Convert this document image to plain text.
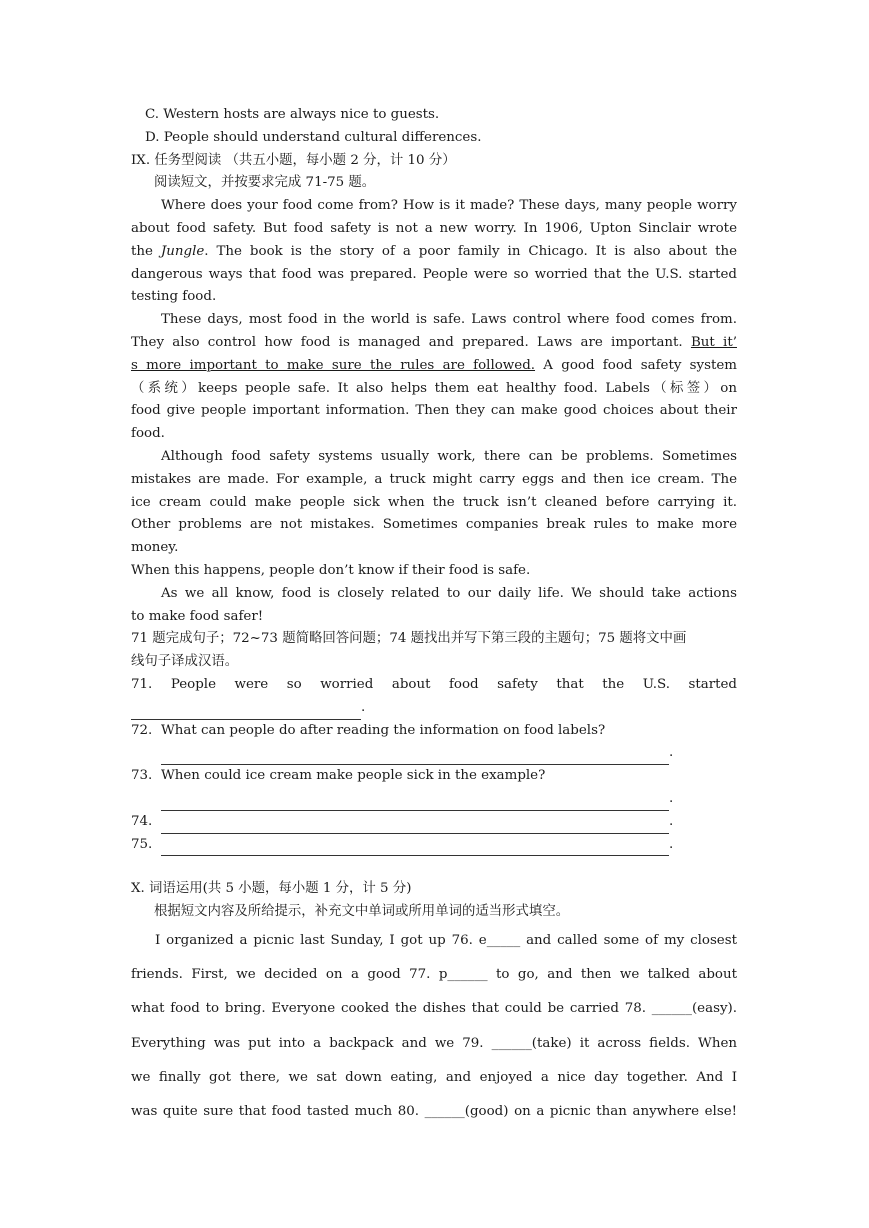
C. Western hosts are always nice to guests.
D. People should understand cultural differences.
IX. 任务型阅读 （共五小题，每小题 2 分，计 10 分）
阅读短文，并按要求完成 71-75 题。
Where does your food come from? How is it made? These days, many people worry
about food safety. But food safety is not a new worry. In 1906, Upton Sinclair wrote
the Jungle. The book is the story of a poor family in Chicago. It is also about the
dangerous ways that food was prepared. People were so worried that the U.S. started
testing food.
These days, most food in the world is safe. Laws control where food comes from.
They also control how food is managed and prepared. Laws are important. But it’
s more important to make sure the rules are followed. A good food safety system
（系统）keeps people safe. It also helps them eat healthy food. Labels（标签）on
food give people important information. Then they can make good choices about their
food.
Although food safety systems usually work, there can be problems. Sometimes
mistakes are made. For example, a truck might carry eggs and then ice cream. The
ice cream could make people sick when the truck isn’t cleaned before carrying it.
Other problems are not mistakes. Sometimes companies break rules to make more money.
When this happens, people don’t know if their food is safe.
As we all know, food is closely related to our daily life. We should take actions
to make food safer!
71 题完成句子；72~73 题简略回答问题；74 题找出并写下第三段的主题句；75 题将文中画
线句子译成汉语。
71. People were so worried about food safety that the U.S. started
.
72. What can people do after reading the information on food labels?
.
73. When could ice cream make people sick in the example?
.
74.	.
75.	.
X. 词语运用(共 5 小题，每小题 1 分，计 5 分)
根据短文内容及所给提示，补充文中单词或所用单词的适当形式填空。
I organized a picnic last Sunday, I got up 76. e_____ and called some of my closest
friends. First, we decided on a good 77. p______ to go, and then we talked about
what food to bring. Everyone cooked the dishes that could be carried 78. ______(easy).
Everything was put into a backpack and we 79. ______(take) it across fields. When
we finally got there, we sat down eating, and enjoyed a nice day together. And I
was quite sure that food tasted much 80. ______(good) on a picnic than anywhere else!
